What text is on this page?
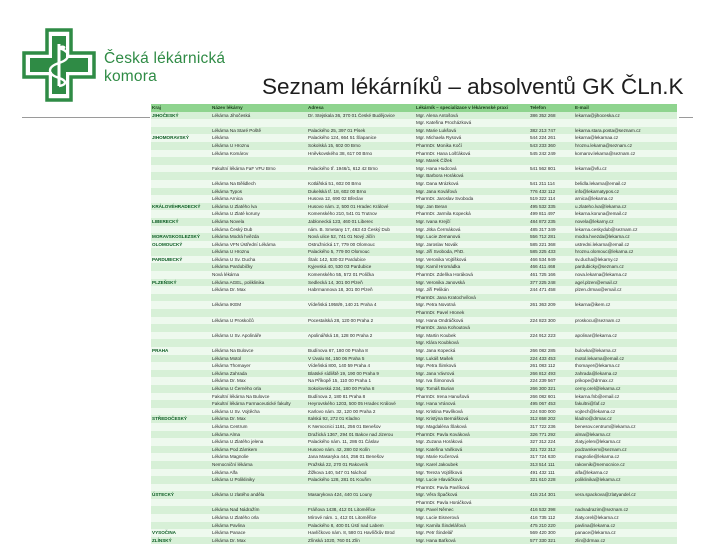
Česká lékárnická
komora	Seznam lékárníků – absolventů GK ČLn.K
Kraj	Název lékárny	Adresa	Lékárník – specializace v lékárenské praxi	Telefon	E-mail
JIHOČESKÝ	Lékárna Jihočeská	Dr. Stejskala 36, 370 01 České Budějovice	Mgr. Alena Antošová	386 352 268	lekarna@jihoceska.cz
			Mgr. Kateřina Procházková		
	Lékárna Na Staré Poště	Palackého 25, 397 01 Písek	Mgr. Marie Lukšová	382 213 747	lekarna.stara.posta@seznam.cz
JIHOMORAVSKÝ	Lékárna	Palackého 124, 664 51 Šlapanice	Mgr. Michaela Rysová	544 224 261	lekarna@lekarnaa.cz
	Lékárna U Hroznu	Sokolská 15, 602 00 Brno	PharmDr. Monika Kočí	543 233 360	hroznu.lekarna@seznam.cz
	Lékárna Komárov	Hněvkovského 38, 617 00 Brno	PharmDr. Hana Lošťáková	545 242 249	komarov.lekarna@seznam.cz
			Mgr. Marek Čížek		
	Fakultní lékárna FaF VFU Brno	Palackého tř. 1946/1, 612 42 Brno	Mgr. Hana Hudcová	541 562 801	lekarna@vfu.cz
			Mgr. Barbora Horáková		
	Lékárna Na Bělidlech	Kotlářská 51, 602 00 Brno	Mgr. Dana Mrázková	541 211 114	belidla.lekarna@email.cz
	Lékárna Typos	Dukelská tř. 18, 602 00 Brno	Mgr. Jana Kovářová	776 432 112	info@lekarnatypos.cz
	Lékárna Arnica	Husova 12, 690 02 Břeclav	PharmDr. Jaroslav Svoboda	519 322 114	arnica@lekarna.cz
KRÁLOVÉHRADECKÝ	Lékárna U Zlatého lva	Husovo nám. 2, 500 01 Hradec Králové	Mgr. Jan Beran	495 532 335	u.zlateho.lva@lekarna.cz
	Lékárna U Zlaté koruny	Komenského 210, 541 01 Trutnov	PharmDr. Jarmila Kopecká	499 811 497	lekarna.koruna@email.cz
LIBERECKÝ	Lékárna Novela	Jablonecká 123, 460 01 Liberec	Mgr. Ivana Krejčí	484 872 235	novela@lekarny.cz
	Lékárna Český Dub	nám. B. Smetany 17, 463 43 Český Dub	Mgr. Jitka Čermáková	485 317 349	lekarna.ceskydub@seznam.cz
MORAVSKOSLEZSKÝ	Lékárna Modrá hvězda	Nová ulice 52, 741 01 Nový Jičín	Mgr. Lucie Zemanová	556 712 281	modra.hvezda@lekarna.cz
OLOMOUCKÝ	Lékárna VFN Ústřední Lékárna	Ostružnická 17, 779 00 Olomouc	Mgr. Jaroslav Novák	585 221 368	ustredni.lekarna@email.cz
	Lékárna U Hroznu	Palackého 5, 779 00 Olomouc	Mgr. Jiří Svoboda, PhD.	585 225 433	hroznu.olomouc@lekarna.cz
PARDUBICKÝ	Lékárna U Sv. Ducha	Štalc 142, 530 02 Pardubice	Mgr. Veronika Vojtíšková	466 534 949	sv.ducha@lekarny.cz
	Lékárna Pardubičky	Kyjevská 40, 530 03 Pardubice	Mgr. Kamil Hromádka	466 411 468	pardubicky@seznam.cz
	Nová lékárna	Komenského 55, 572 01 Polička	PharmDr. Zdeňka Horáková	461 725 166	nova.lekarna@lekarna.cz
PLZEŇSKÝ	Lékárna AGEL, poliklinika	Sedlecká 14, 301 00 Plzeň	Mgr. Veronika Janovská	377 225 248	agel.plzen@email.cz
	Lékárna Dr. Max	Habrmannova 18, 301 00 Plzeň	Mgr. Jiří Pelikán	244 471 458	plzen.drmax@email.cz
			PharmDr. Jana Kratochvílová		
	Lékárna IKEM	Vídeňská 1958/9, 140 21 Praha 4	Mgr. Petra Novotná	261 363 209	lekarna@ikem.cz
			PharmDr. Pavel Hronek		
	Lékárna U Proskočů	Pocestalská 28, 120 00 Praha 2	Mgr. Hana Ondráčková	224 823 300	proskocu@seznam.cz
			PharmDr. Jana Kohoutová		
	Lékárna U Sv. Apolináře	Apolinářská 18, 128 00 Praha 2	Mgr. Martin Koubek	224 912 223	apolinar@lekarna.cz
			Mgr. Klára Koubková		
PRAHA	Lékárna Na Bulovce	Budínova 67, 180 00 Praha 8	Mgr. Jana Kopecká	266 082 285	bulovka@lekarna.cz
	Lékárna Motol	V Úvalu 84, 150 06 Praha 5	Mgr. Lukáš Mašek	224 433 453	motol.lekarna@email.cz
	Lékárna Thomayer	Vídeňská 800, 140 59 Praha 4	Mgr. Petra Šimková	261 083 112	thomayer@lekarna.cz
	Lékárna Zahrada	Blatské sídliště 19, 190 00 Praha 9	Mgr. Jana Vávrová	266 812 493	zahrada@lekarna.cz
	Lékárna Dr. Max	Na Příkopě 15, 110 00 Praha 1	Mgr. Iva Šimonová	224 239 567	prikope@drmax.cz
	Lékárna U Černého orla	Sokolovská 234, 180 00 Praha 8	Mgr. Tomáš Burian	266 300 321	cerny.orel@lekarna.cz
	Fakultní lékárna Na Bulovce	Budínova 2, 180 81 Praha 8	PharmDr. Irena Hanušová	266 082 601	lekarna.fnb@email.cz
	Fakultní lékárna Farmaceutické fakulty	Heyrovského 1203, 500 05 Hradec Králové	Mgr. Hana Vránová	495 067 453	fakultni@faf.cz
	Lékárna U Sv. Vojtěcha	Karlovo nám. 32, 120 00 Praha 2	Mgr. Kristina Pavlíková	224 930 000	vojtech@lekarna.cz
STŘEDOČESKÝ	Lékárna Dr. Max	Italská 92, 272 01 Kladno	Mgr. Kristýna Bernášková	312 658 202	kladno@drmax.cz
	Lékárna Centrum	K Nemocnici 1161, 256 01 Benešov	Mgr. Magdaléna Šlaková	317 722 236	benesov.centrum@lekarna.cz
	Lékárna Alma	Dražická 1367, 294 01 Bakov nad Jizerou	PharmDr. Pavla Kováková	326 771 292	alma@lekarna.cz
	Lékárna U Zlatého jelena	Palackého nám. 11, 286 01 Čáslav	Mgr. Zuzana Horáková	327 312 224	zlaty.jelen@lekarna.cz
	Lékárna Pod Zámkem	Husovo nám. 42, 280 02 Kolín	Mgr. Kateřina Vaňková	321 722 312	podzamkem@seznam.cz
	Lékárna Magnolie	Jana Masaryka 444, 256 01 Benešov	Mgr. Marie Kučerová	317 724 630	magnolie@lekarna.cz
	Nemocniční lékárna	Pražská 22, 270 01 Rakovník	Mgr. Karel Jakoubek	313 514 111	rakovnik@nemocnice.cz
	Lékárna Alfa	Žižkova 140, 547 01 Náchod	Mgr. Tereza Vojtíšková	491 432 111	alfa@lekarna.cz
	Lékárna U Polikliniky	Palackého 128, 281 01 Kouřim	Mgr. Lucie Hlaváčková	321 610 228	poliklinika@lekarna.cz
			PharmDr. Pavla Pavlíková		
ÚSTECKÝ	Lékárna U zlatého anděla	Masarykova 424, 440 01 Louny	Mgr. Věra Špačková	415 214 301	vera.spackova@zlatyandel.cz
			PharmDr. Pavla Horáčková		
	Lékárna Nad Nádražím	Fráňova 1438, 412 01 Litoměřice	Mgr. Pavel Němec	416 532 398	nadnadrazim@seznam.cz
	Lékárna U Zlatého orla	Mírové nám. 1, 412 01 Litoměřice	Mgr. Lucie Eisnerová	416 735 112	zlaty.orel@lekarna.cz
	Lékárna Pavlina	Palackého 8, 400 01 Ústí nad Labem	Mgr. Kamila Šindelářová	475 210 220	pavlina@lekarna.cz
VYSOČINA	Lékárna Panace	Havlíčkovo nám. 8, 580 01 Havlíčkův Brod	Mgr. Petr Šindelář	569 420 300	panace@lekarna.cz
ZLÍNSKÝ	Lékárna Dr. Max	Zlínská 1020, 760 01 Zlín	Mgr. Hana Baťková	577 330 321	zlin@drmax.cz
